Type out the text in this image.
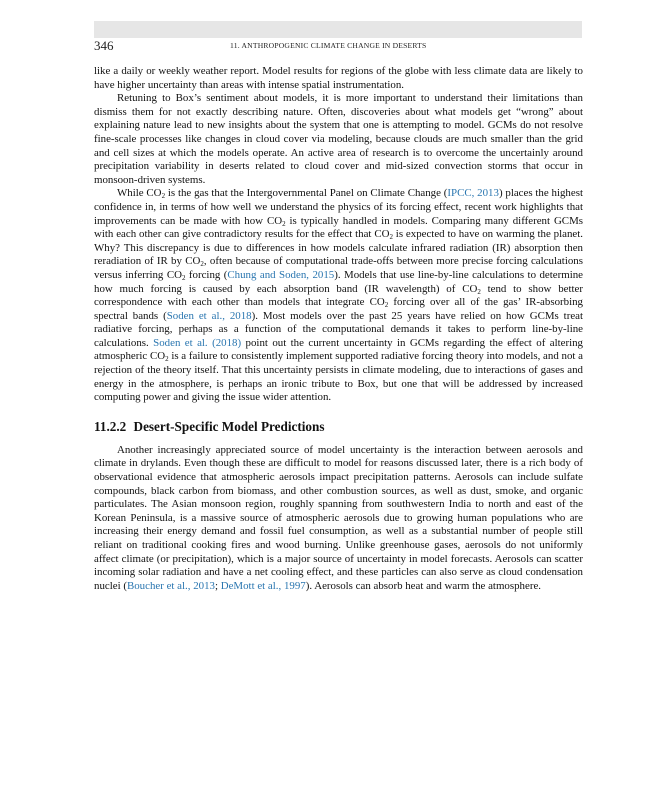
346	11. ANTHROPOGENIC CLIMATE CHANGE IN DESERTS

like a daily or weekly weather report. Model results for regions of the globe with less climate data are likely to have higher uncertainty than areas with intense spatial instrumentation.

Retuning to Box’s sentiment about models, it is more important to understand their limitations than dismiss them for not exactly describing nature. Often, discoveries about what models get “wrong” about explaining nature lead to new insights about the system that one is attempting to model. GCMs do not resolve fine-scale processes like changes in cloud cover via modeling, because clouds are much smaller than the grid and cell sizes at which the models operate. An active area of research is to overcome the uncertainly around precipitation variability in deserts related to cloud cover and mid-sized convection storms that occur in monsoon-driven systems.

While $CO_2$ is the gas that the Intergovernmental Panel on Climate Change (IPCC, 2013) places the highest confidence in, in terms of how well we understand the physics of its forcing effect, recent work highlights that improvements can be made with how $CO_2$ is typically handled in models. Comparing many different GCMs with each other can give contradictory results for the effect that $CO_2$ is expected to have on warming the planet. Why? This discrepancy is due to differences in how models calculate infrared radiation (IR) absorption then reradiation of IR by $CO_2$, often because of computational trade-offs between more precise forcing calculations versus inferring $CO_2$ forcing (Chung and Soden, 2015). Models that use line-by-line calculations to determine how much forcing is caused by each absorption band (IR wavelength) of $CO_2$ tend to show better correspondence with each other than models that integrate $CO_2$ forcing over all of the gas’ IR-absorbing spectral bands (Soden et al., 2018). Most models over the past 25 years have relied on how GCMs treat radiative forcing, perhaps as a function of the computational demands it takes to perform line-by-line calculations. Soden et al. (2018) point out the current uncertainty in GCMs regarding the effect of altering atmospheric $CO_2$ is a failure to consistently implement supported radiative forcing theory into models, and not a rejection of the theory itself. That this uncertainty persists in climate modeling, due to interactions of gases and energy in the atmosphere, is perhaps an ironic tribute to Box, but one that will be addressed by increased computing power and giving the issue wider attention.

11.2.2 Desert-Specific Model Predictions

Another increasingly appreciated source of model uncertainty is the interaction between aerosols and climate in drylands. Even though these are difficult to model for reasons discussed later, there is a rich body of observational evidence that atmospheric aerosols impact precipitation patterns. Aerosols can include sulfate compounds, black carbon from biomass, and other combustion sources, as well as dust, smoke, and organic particulates. The Asian monsoon region, roughly spanning from southwestern India to north and east of the Korean Peninsula, is a massive source of atmospheric aerosols due to growing human populations who are increasing their energy demand and fossil fuel consumption, as well as a substantial number of people still reliant on traditional cooking fires and wood burning. Unlike greenhouse gases, aerosols do not uniformly affect climate (or precipitation), which is a major source of uncertainty in model forecasts. Aerosols can scatter incoming solar radiation and have a net cooling effect, and these particles can also serve as cloud condensation nuclei (Boucher et al., 2013; DeMott et al., 1997). Aerosols can absorb heat and warm the atmosphere.
